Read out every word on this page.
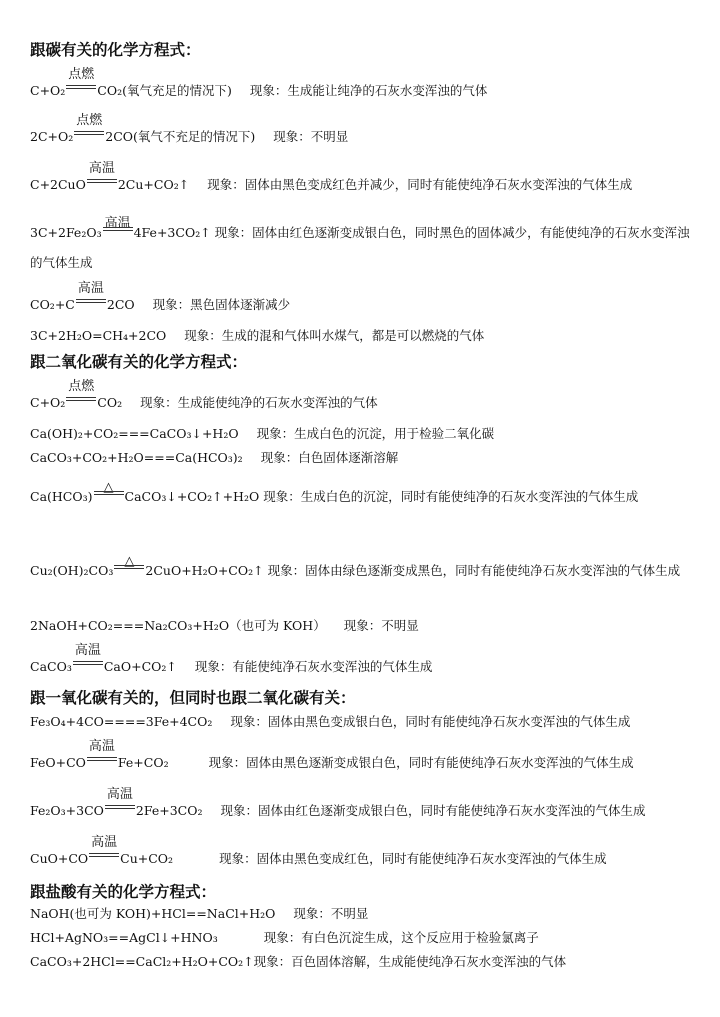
跟碳有关的化学方程式：
C+O₂
点燃
CO₂(氧气充足的情况下) 现象：生成能让纯净的石灰水变浑浊的气体
2C+O₂
点燃
2CO(氧气不充足的情况下) 现象：不明显
C+2CuO
高温
2Cu+CO₂↑ 现象：固体由黑色变成红色并减少，同时有能使纯净石灰水变浑浊的气体生成
3C+2Fe₂O₃
高温
4Fe+3CO₂↑ 现象：固体由红色逐渐变成银白色，同时黑色的固体减少，有能使纯净的石灰水变浑浊的气体生成
CO₂+C
高温
2CO 现象：黑色固体逐渐减少
3C+2H₂O=CH₄+2CO 现象：生成的混和气体叫水煤气，都是可以燃烧的气体
跟二氧化碳有关的化学方程式：
C+O₂
点燃
CO₂ 现象：生成能使纯净的石灰水变浑浊的气体
Ca(OH)₂+CO₂===CaCO₃↓+H₂O 现象：生成白色的沉淀，用于检验二氧化碳
CaCO₃+CO₂+H₂O===Ca(HCO₃)₂ 现象：白色固体逐渐溶解
Ca(HCO₃)
△
CaCO₃↓+CO₂↑+H₂O 现象：生成白色的沉淀，同时有能使纯净的石灰水变浑浊的气体生成
Cu₂(OH)₂CO₃
△
2CuO+H₂O+CO₂↑ 现象：固体由绿色逐渐变成黑色，同时有能使纯净石灰水变浑浊的气体生成
2NaOH+CO₂===Na₂CO₃+H₂O（也可为 KOH） 现象：不明显
CaCO₃
高温
CaO+CO₂↑ 现象：有能使纯净石灰水变浑浊的气体生成
跟一氧化碳有关的，但同时也跟二氧化碳有关：
Fe₃O₄+4CO====3Fe+4CO₂ 现象：固体由黑色变成银白色，同时有能使纯净石灰水变浑浊的气体生成
FeO+CO
高温
Fe+CO₂	现象：固体由黑色逐渐变成银白色，同时有能使纯净石灰水变浑浊的气体生成
Fe₂O₃+3CO
高温
2Fe+3CO₂ 现象：固体由红色逐渐变成银白色，同时有能使纯净石灰水变浑浊的气体生成
CuO+CO
高温
Cu+CO₂	现象：固体由黑色变成红色，同时有能使纯净石灰水变浑浊的气体生成
跟盐酸有关的化学方程式：
NaOH(也可为 KOH)+HCl==NaCl+H₂O 现象：不明显
HCl+AgNO₃==AgCl↓+HNO₃	现象：有白色沉淀生成，这个反应用于检验氯离子
CaCO₃+2HCl==CaCl₂+H₂O+CO₂↑现象：百色固体溶解，生成能使纯净石灰水变浑浊的气体
